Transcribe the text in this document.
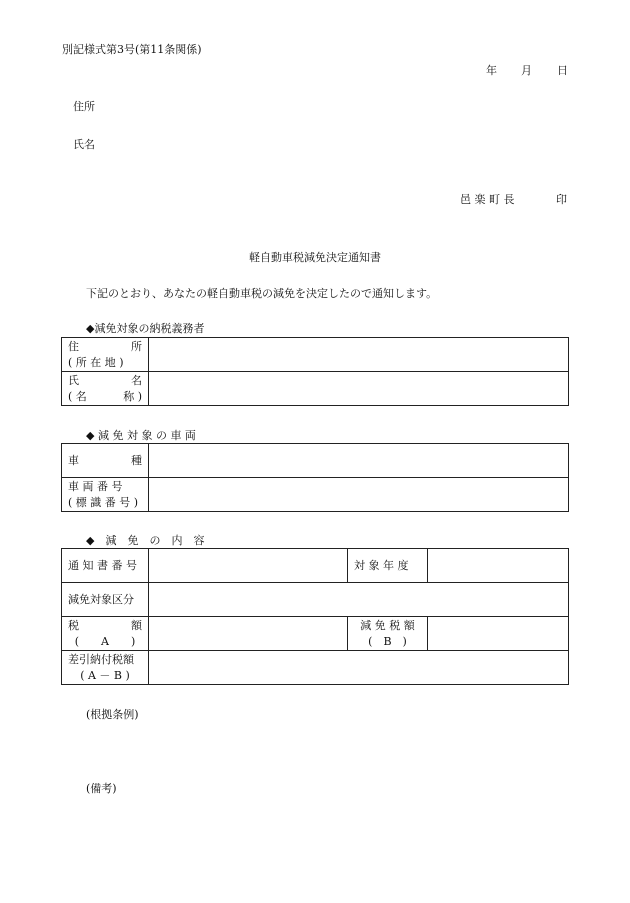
別記様式第3号(第11条関係)
年 月 日
住所
氏名
邑 楽 町 長	印
軽自動車税減免決定通知書
下記のとおり、あなたの軽自動車税の減免を決定したので通知します。
◆減免対象の納税義務者
住 所
( 所 在 地 )	

氏 名
( 名 称 )	

◆ 減 免 対 象 の 車 両
車 種	

車 両 番 号
( 標 識 番 号 )	

◆　減　免　の　内　容
通 知 書 番 号		対 象 年 度	
減免対象区分			

税 額
(　　A　　)		減 免 税 額
(　B　)	

差引納付税額
( A － B )			

(根拠条例)
(備考)
